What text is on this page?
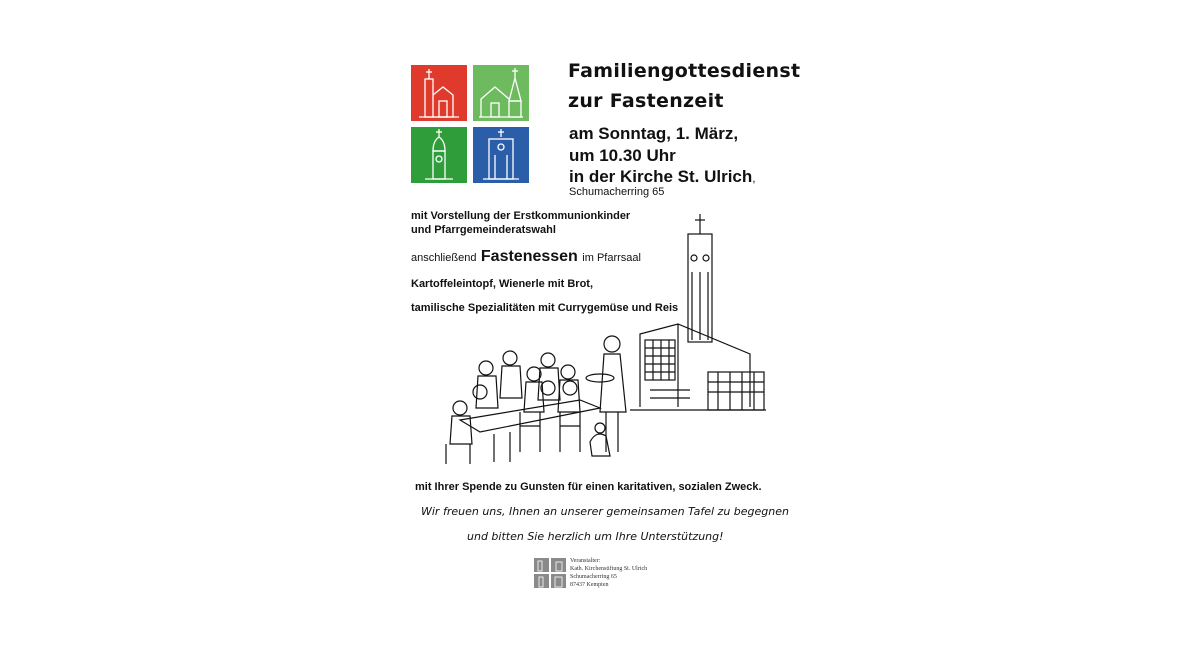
Familiengottesdienst
zur Fastenzeit
am Sonntag, 1. März,
um 10.30 Uhr
in der Kirche St. Ulrich,
Schumacherring 65
mit Vorstellung der Erstkommunionkinder
und Pfarrgemeinderatswahl
anschließend Fastenessen im Pfarrsaal
Kartoffeleintopf, Wienerle mit Brot,
tamilische Spezialitäten mit Currygemüse und Reis
mit Ihrer Spende zu Gunsten für einen karitativen, sozialen Zweck.
Wir freuen uns, Ihnen an unserer gemeinsamen Tafel zu begegnen
und bitten Sie herzlich um Ihre Unterstützung!
Veranstalter:
Kath. Kirchenstiftung St. Ulrich
Schumacherring 65
87437 Kempten
